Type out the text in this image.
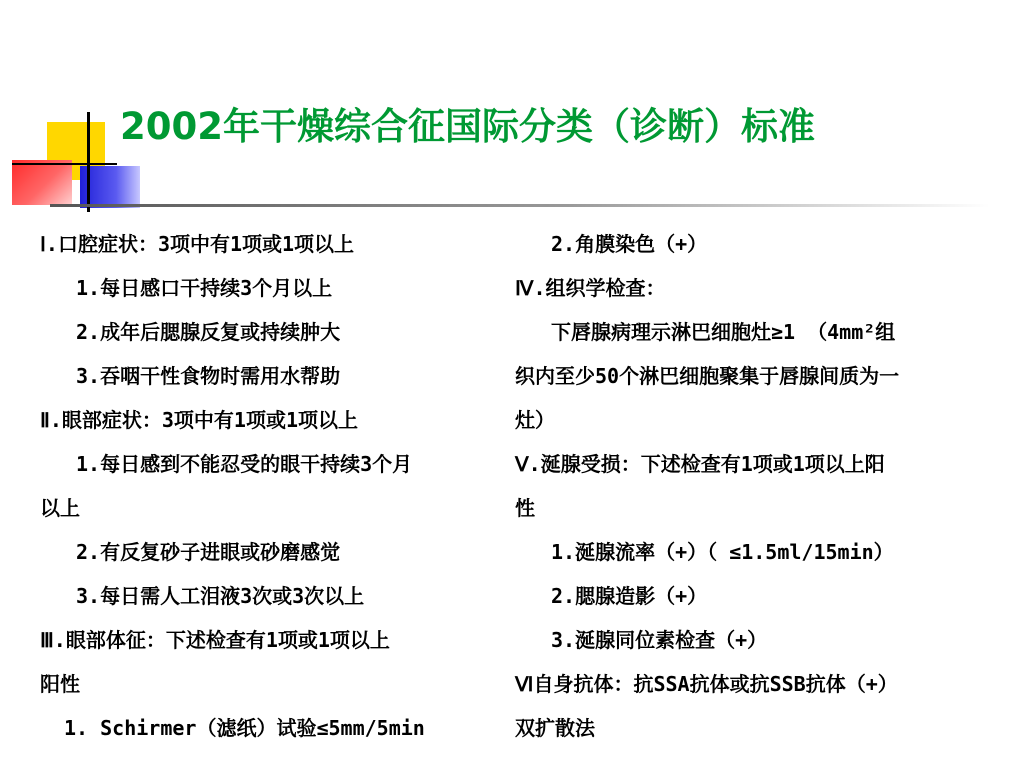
2002年干燥综合征国际分类（诊断）标准
Ⅰ.口腔症状：3项中有1项或1项以上
1.每日感口干持续3个月以上
2.成年后腮腺反复或持续肿大
3.吞咽干性食物时需用水帮助
Ⅱ.眼部症状：3项中有1项或1项以上
1.每日感到不能忍受的眼干持续3个月
以上
2.有反复砂子进眼或砂磨感觉
3.每日需人工泪液3次或3次以上
Ⅲ.眼部体征：下述检查有1项或1项以上
阳性
1. Schirmer（滤纸）试验≤5mm/5min
2.角膜染色（+）
Ⅳ.组织学检查：
下唇腺病理示淋巴细胞灶≥1 （4mm²组
织内至少50个淋巴细胞聚集于唇腺间质为一
灶）
Ⅴ.涎腺受损：下述检查有1项或1项以上阳
性
1.涎腺流率（+）（ ≤1.5ml/15min）
2.腮腺造影（+）
3.涎腺同位素检查（+）
Ⅵ自身抗体：抗SSA抗体或抗SSB抗体（+）
双扩散法
